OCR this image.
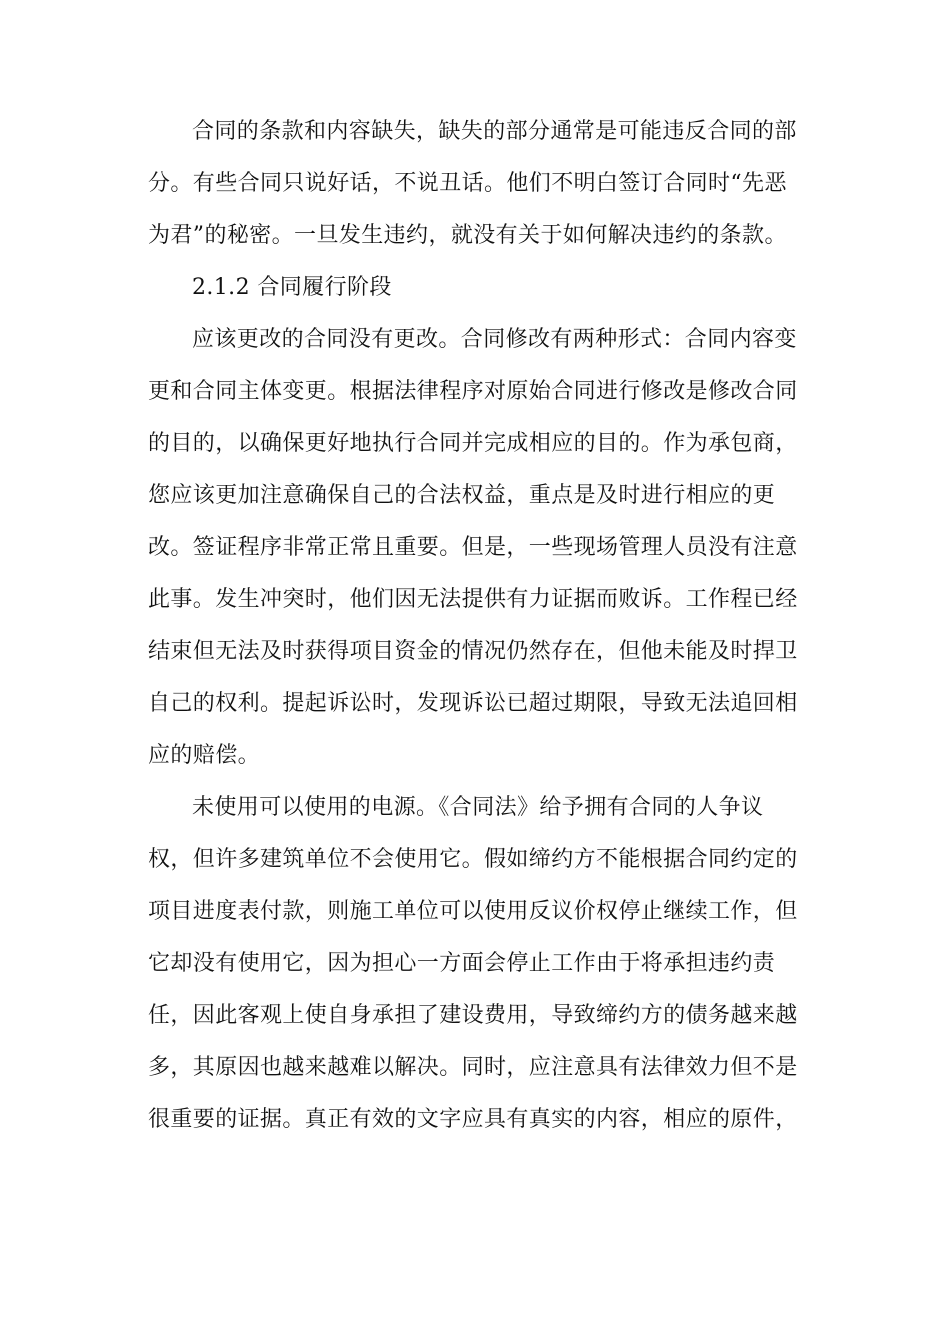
合同的条款和内容缺失，缺失的部分通常是可能违反合同的部
分。有些合同只说好话，不说丑话。他们不明白签订合同时“先恶
为君”的秘密。一旦发生违约，就没有关于如何解决违约的条款。
2.1.2 合同履行阶段
应该更改的合同没有更改。合同修改有两种形式：合同内容变
更和合同主体变更。根据法律程序对原始合同进行修改是修改合同
的目的，以确保更好地执行合同并完成相应的目的。作为承包商，
您应该更加注意确保自己的合法权益，重点是及时进行相应的更
改。签证程序非常正常且重要。但是，一些现场管理人员没有注意
此事。发生冲突时，他们因无法提供有力证据而败诉。工作程已经
结束但无法及时获得项目资金的情况仍然存在，但他未能及时捍卫
自己的权利。提起诉讼时，发现诉讼已超过期限，导致无法追回相
应的赔偿。
未使用可以使用的电源。《合同法》给予拥有合同的人争议
权，但许多建筑单位不会使用它。假如缔约方不能根据合同约定的
项目进度表付款，则施工单位可以使用反议价权停止继续工作，但
它却没有使用它，因为担心一方面会停止工作由于将承担违约责
任，因此客观上使自身承担了建设费用，导致缔约方的债务越来越
多，其原因也越来越难以解决。同时，应注意具有法律效力但不是
很重要的证据。真正有效的文字应具有真实的内容，相应的原件，
